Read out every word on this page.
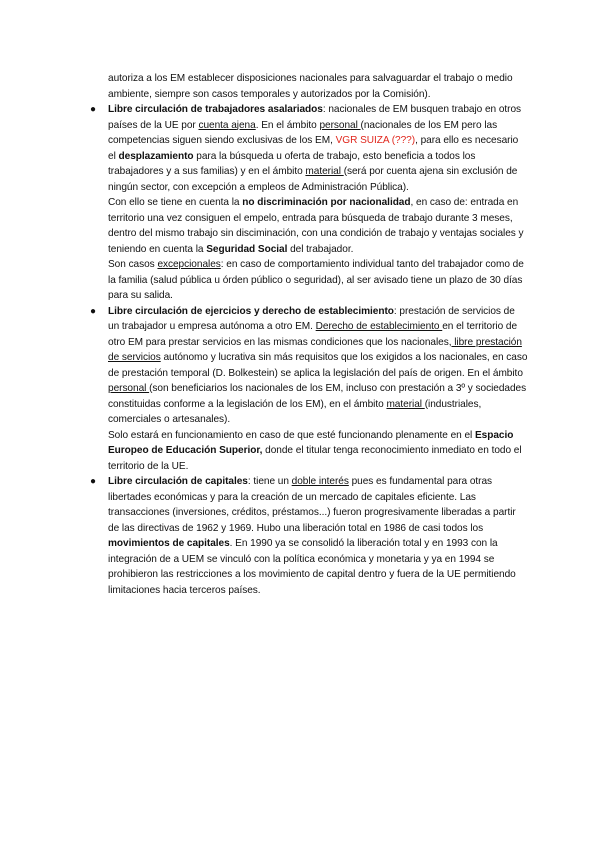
autoriza a los EM establecer disposiciones nacionales para salvaguardar el trabajo o medio ambiente, siempre son casos temporales y autorizados por la Comisión).

● Libre circulación de trabajadores asalariados: nacionales de EM busquen trabajo en otros países de la UE por cuenta ajena. En el ámbito personal (nacionales de los EM pero las competencias siguen siendo exclusivas de los EM, VGR SUIZA (???), para ello es necesario el desplazamiento para la búsqueda u oferta de trabajo, esto beneficia a todos los trabajadores y a sus familias) y en el ámbito material (será por cuenta ajena sin exclusión de ningún sector, con excepción a empleos de Administración Pública).

Con ello se tiene en cuenta la no discriminación por nacionalidad, en caso de: entrada en territorio una vez consiguen el empelo, entrada para búsqueda de trabajo durante 3 meses, dentro del mismo trabajo sin disciminación, con una condición de trabajo y ventajas sociales y teniendo en cuenta la Seguridad Social del trabajador.

Son casos excepcionales: en caso de comportamiento individual tanto del trabajador como de la familia (salud pública u órden público o seguridad), al ser avisado tiene un plazo de 30 días para su salida.

● Libre circulación de ejercicios y derecho de establecimiento: prestación de servicios de un trabajador u empresa autónoma a otro EM. Derecho de establecimiento en el territorio de otro EM para prestar servicios en las mismas condiciones que los nacionales, libre prestación de servicios autónomo y lucrativa sin más requisitos que los exigidos a los nacionales, en caso de prestación temporal (D. Bolkestein) se aplica la legislación del país de origen. En el ámbito personal (son beneficiarios los nacionales de los EM, incluso con prestación a 3º y sociedades constituidas conforme a la legislación de los EM), en el ámbito material (industriales, comerciales o artesanales).

Solo estará en funcionamiento en caso de que esté funcionando plenamente en el Espacio Europeo de Educación Superior, donde el titular tenga reconocimiento inmediato en todo el territorio de la UE.

● Libre circulación de capitales: tiene un doble interés pues es fundamental para otras libertades económicas y para la creación de un mercado de capitales eficiente. Las transacciones (inversiones, créditos, préstamos...) fueron progresivamente liberadas a partir de las directivas de 1962 y 1969. Hubo una liberación total en 1986 de casi todos los movimientos de capitales. En 1990 ya se consolidó la liberación total y en 1993 con la integración de a UEM se vinculó con la política económica y monetaria y ya en 1994 se prohibieron las restricciones a los movimiento de capital dentro y fuera de la UE permitiendo limitaciones hacia terceros países.
